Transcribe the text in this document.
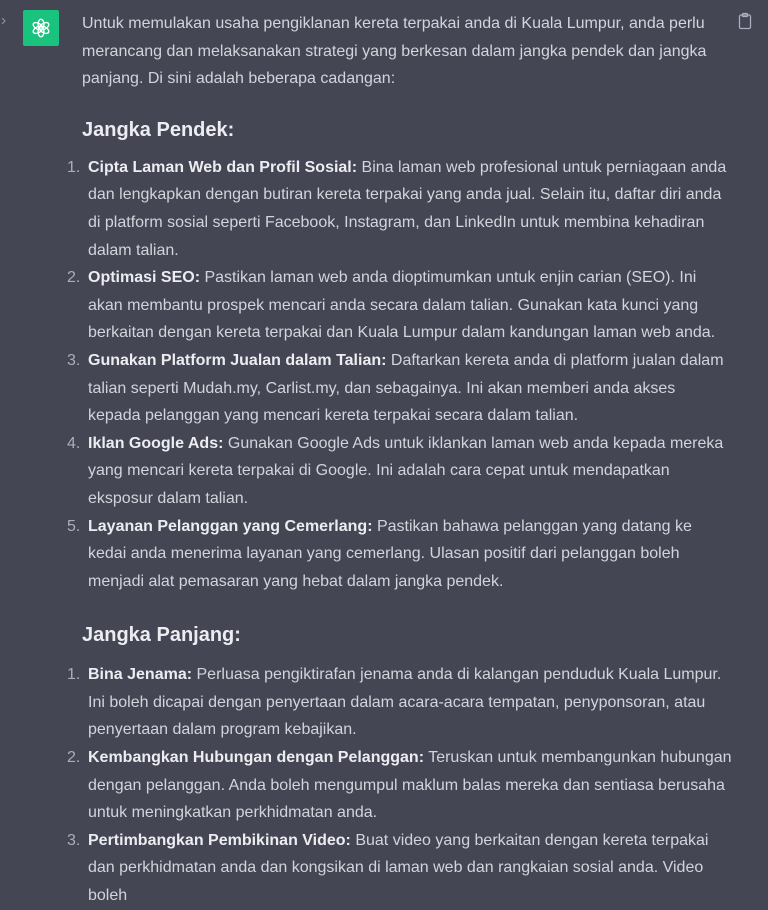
Untuk memulakan usaha pengiklanan kereta terpakai anda di Kuala Lumpur, anda perlu merancang dan melaksanakan strategi yang berkesan dalam jangka pendek dan jangka panjang. Di sini adalah beberapa cadangan:

Jangka Pendek:
1. Cipta Laman Web dan Profil Sosial: Bina laman web profesional untuk perniagaan anda dan lengkapkan dengan butiran kereta terpakai yang anda jual. Selain itu, daftar diri anda di platform sosial seperti Facebook, Instagram, dan LinkedIn untuk membina kehadiran dalam talian.
2. Optimasi SEO: Pastikan laman web anda dioptimumkan untuk enjin carian (SEO). Ini akan membantu prospek mencari anda secara dalam talian. Gunakan kata kunci yang berkaitan dengan kereta terpakai dan Kuala Lumpur dalam kandungan laman web anda.
3. Gunakan Platform Jualan dalam Talian: Daftarkan kereta anda di platform jualan dalam talian seperti Mudah.my, Carlist.my, dan sebagainya. Ini akan memberi anda akses kepada pelanggan yang mencari kereta terpakai secara dalam talian.
4. Iklan Google Ads: Gunakan Google Ads untuk iklankan laman web anda kepada mereka yang mencari kereta terpakai di Google. Ini adalah cara cepat untuk mendapatkan eksposur dalam talian.
5. Layanan Pelanggan yang Cemerlang: Pastikan bahawa pelanggan yang datang ke kedai anda menerima layanan yang cemerlang. Ulasan positif dari pelanggan boleh menjadi alat pemasaran yang hebat dalam jangka pendek.
Jangka Panjang:
1. Bina Jenama: Perluasa pengiktirafan jenama anda di kalangan penduduk Kuala Lumpur. Ini boleh dicapai dengan penyertaan dalam acara-acara tempatan, penyponsoran, atau penyertaan dalam program kebajikan.
2. Kembangkan Hubungan dengan Pelanggan: Teruskan untuk membangunkan hubungan dengan pelanggan. Anda boleh mengumpul maklum balas mereka dan sentiasa berusaha untuk meningkatkan perkhidmatan anda.
3. Pertimbangkan Pembikinan Video: Buat video yang berkaitan dengan kereta terpakai dan perkhidmatan anda dan kongsikan di laman web dan rangkaian sosial anda. Video boleh
